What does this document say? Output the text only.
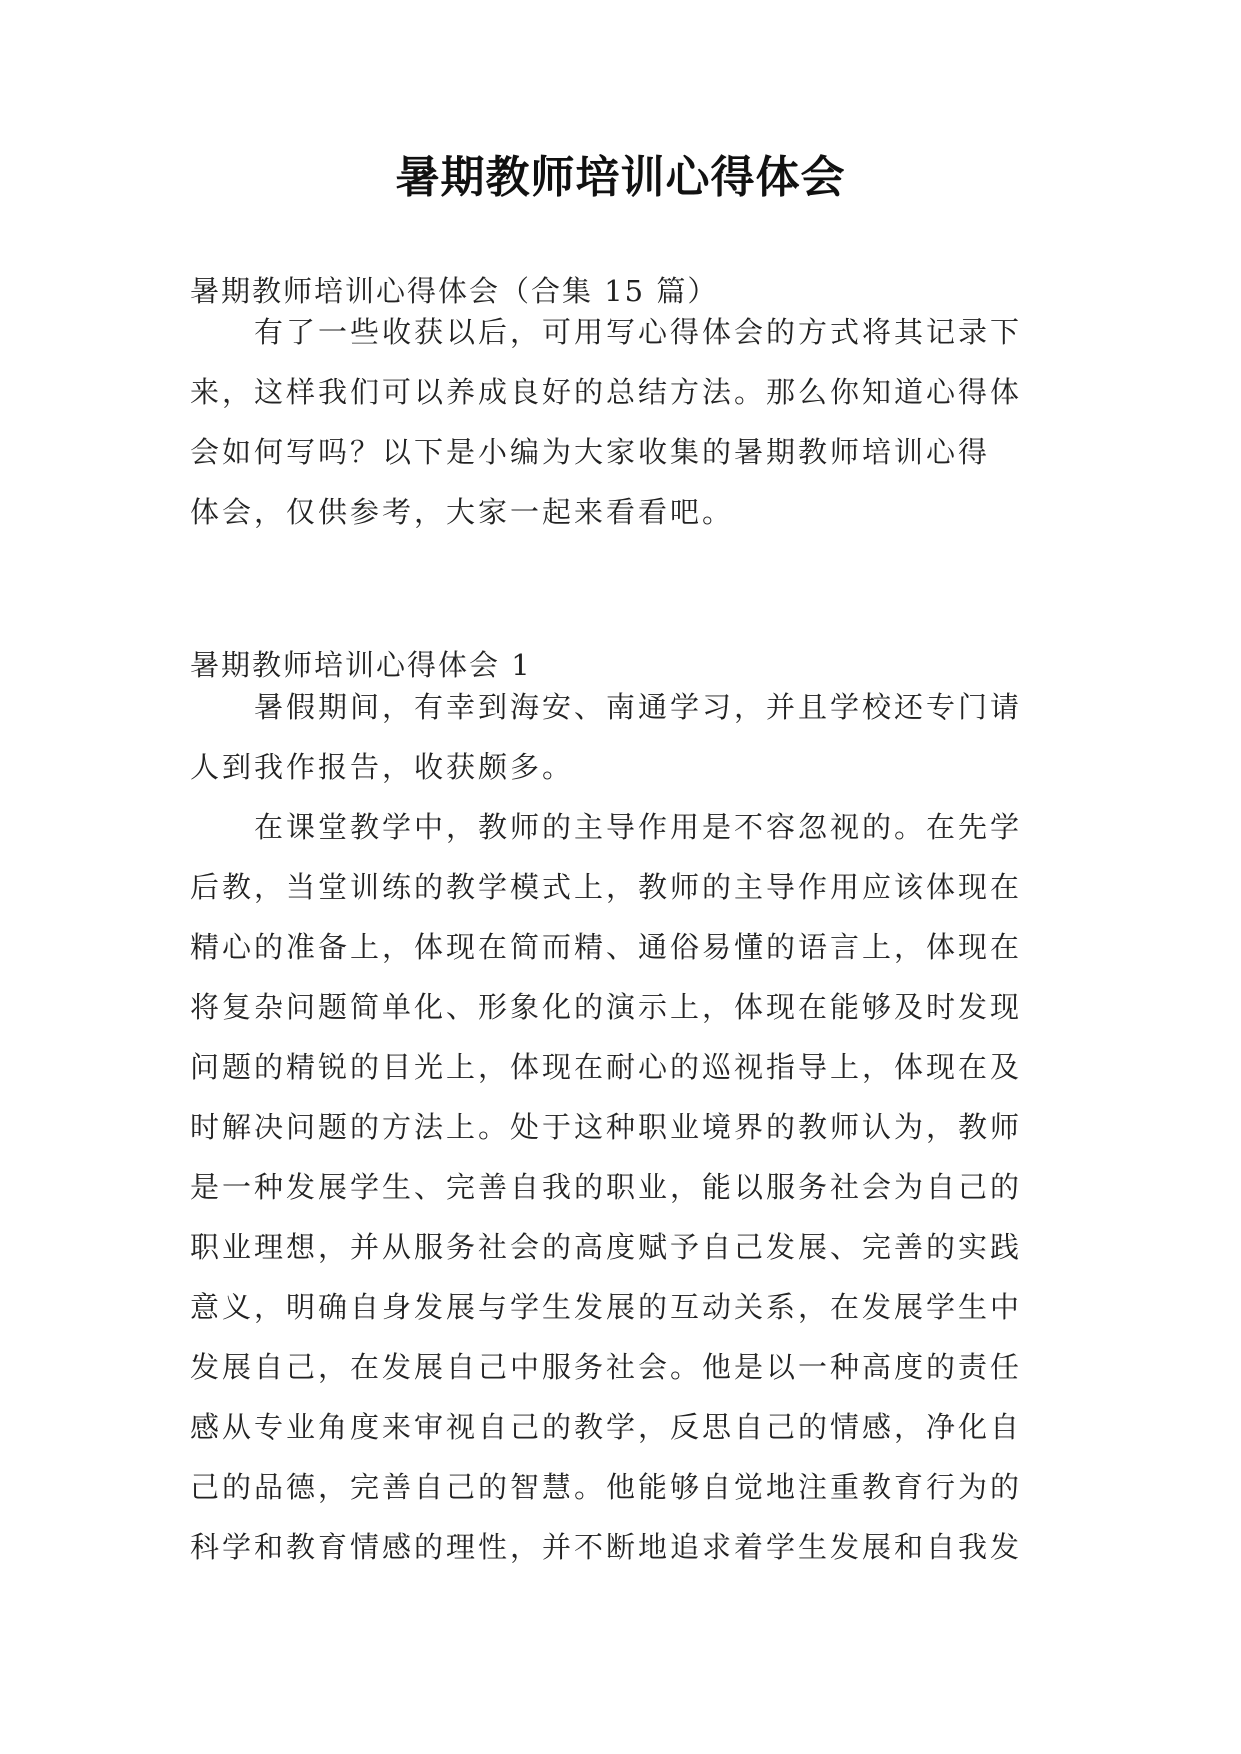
暑期教师培训心得体会
暑期教师培训心得体会（合集 15 篇）
有了一些收获以后，可用写心得体会的方式将其记录下
来，这样我们可以养成良好的总结方法。那么你知道心得体
会如何写吗？以下是小编为大家收集的暑期教师培训心得
体会，仅供参考，大家一起来看看吧。
暑期教师培训心得体会 1
暑假期间，有幸到海安、南通学习，并且学校还专门请
人到我作报告，收获颇多。
在课堂教学中，教师的主导作用是不容忽视的。在先学
后教，当堂训练的教学模式上，教师的主导作用应该体现在
精心的准备上，体现在简而精、通俗易懂的语言上，体现在
将复杂问题简单化、形象化的演示上，体现在能够及时发现
问题的精锐的目光上，体现在耐心的巡视指导上，体现在及
时解决问题的方法上。处于这种职业境界的教师认为，教师
是一种发展学生、完善自我的职业，能以服务社会为自己的
职业理想，并从服务社会的高度赋予自己发展、完善的实践
意义，明确自身发展与学生发展的互动关系，在发展学生中
发展自己，在发展自己中服务社会。他是以一种高度的责任
感从专业角度来审视自己的教学，反思自己的情感，净化自
己的品德，完善自己的智慧。他能够自觉地注重教育行为的
科学和教育情感的理性，并不断地追求着学生发展和自我发
